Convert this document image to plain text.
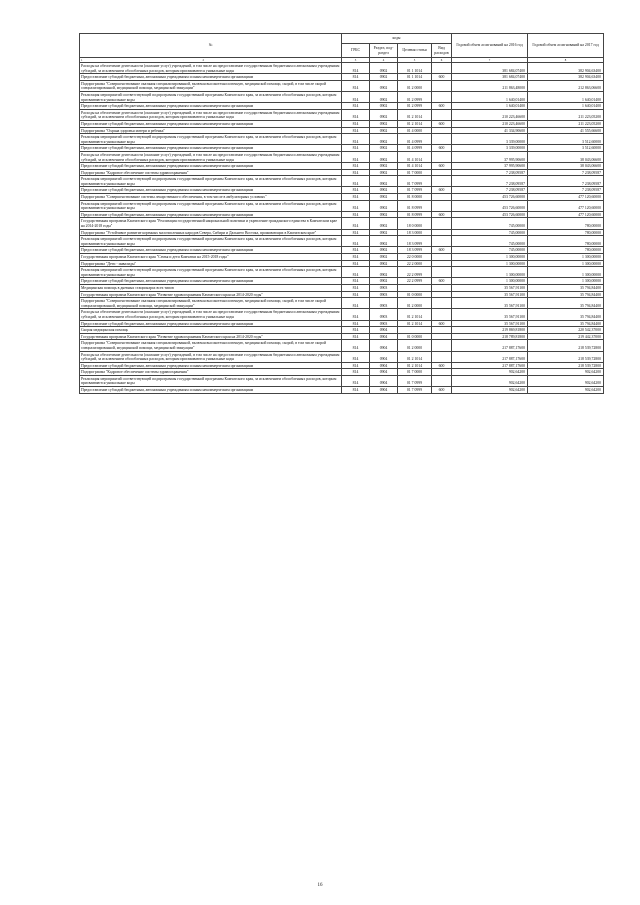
№	коды				Годовой объем ассигнований на 2016 год	Годовой объем ассигнований на 2017 год
	ГРБС	Раздел, под-раздел	Целевая статья	Вид расходов		
1 2	3	4	5	6	7	8
Расходы на обеспечение деятельности (оказание услуг) учреждений, в том числе на предоставление государственным бюджетным и автономным учреждениям субсидий, за исключением обособленных расходов, которым присваиваются уникальные коды	814	0902	01 1 1014		381 684,07400	382 904,63400
Предоставление субсидий бюджетным, автономным учреждениям и иным некоммерческим организациям	814	0902	01 1 1014	600	381 684,07400	382 904,63400
Подпрограмма "Совершенствование оказания специализированной, включая высокотехнологичную, медицинской помощи, скорой, в том числе скорой специализированной, медицинской помощи, медицинской эвакуации"	814	0902	01 2 0000		211 863,48000	212 863,06600
Реализация мероприятий соответствующей подпрограммы государственной программы Камчатского края, за исключением обособленных расходов, которым присваиваются уникальные коды	814	0902	01 2 0999		1 640,01400	1 640,01400
Предоставление субсидий бюджетным, автономным учреждениям и иным некоммерческим организациям	814	0902	01 2 0999	600	1 640,01400	1 640,01400
Расходы на обеспечение деятельности (оказание услуг) учреждений, в том числе на предоставление государственным бюджетным и автономным учреждениям субсидий, за исключением обособленных расходов, которым присваиваются уникальные коды	814	0902	01 2 1014		210 223,46600	211 223,05200
Предоставление субсидий бюджетным, автономным учреждениям и иным некоммерческим организациям	814	0902	01 2 1014	600	210 223,46600	211 223,05200
Подпрограмма "Охрана здоровья матери и ребенка"	814	0902	01 4 0000		41 334,90600	41 555,66600
Реализация мероприятий соответствующей подпрограммы государственной программы Камчатского края, за исключением обособленных расходов, которым присваиваются уникальные коды	814	0902	01 4 0999		3 339,00000	3 512,60000
Предоставление субсидий бюджетным, автономным учреждениям и иным некоммерческим организациям	814	0902	01 4 0999	600	3 339,00000	3 512,60000
Расходы на обеспечение деятельности (оказание услуг) учреждений, в том числе на предоставление государственным бюджетным и автономным учреждениям субсидий, за исключением обособленных расходов, которым присваиваются уникальные коды	814	0902	01 4 1014		37 995,90600	38 043,06600
Предоставление субсидий бюджетным, автономным учреждениям и иным некоммерческим организациям	814	0902	01 4 1014	600	37 995,90600	38 043,06600
Подпрограмма "Кадровое обеспечение системы здравоохранения"	814	0902	01 7 0000		7 238,09587	7 238,09587
Реализация мероприятий соответствующей подпрограммы государственной программы Камчатского края, за исключением обособленных расходов, которым присваиваются уникальные коды	814	0902	01 7 0999		7 238,09587	7 238,09587
Предоставление субсидий бюджетным, автономным учреждениям и иным некоммерческим организациям	814	0902	01 7 0999	600	7 238,09587	7 238,09587
Подпрограмма "Совершенствование системы лекарственного обеспечения, в том числе в амбулаторных условиях"	814	0902	01 8 0000		453 726,60000	477 120,60000
Реализация мероприятий соответствующей подпрограммы государственной программы Камчатского края, за исключением обособленных расходов, которым присваиваются уникальные коды	814	0902	01 8 0999		453 726,60000	477 120,60000
Предоставление субсидий бюджетным, автономным учреждениям и иным некоммерческим организациям	814	0902	01 8 0999	600	453 726,60000	477 120,60000
Государственная программа Камчатского края "Реализация государственной национальной политики и укрепление гражданского единства в Камчатском крае на 2014-2018 годы"	814	0902	18 0 0000		745,00000	780,00000
Подпрограмма "Устойчивое развитие коренных малочисленных народов Севера, Сибири и Дальнего Востока, проживающих в Камчатском крае"	814	0902	18 3 0000		745,00000	780,00000
Реализация мероприятий соответствующей подпрограммы государственной программы Камчатского края, за исключением обособленных расходов, которым присваиваются уникальные коды	814	0902	18 3 0999		745,00000	780,00000
Предоставление субсидий бюджетным, автономным учреждениям и иным некоммерческим организациям	814	0902	18 3 0999	600	745,00000	780,00000
Государственная программа Камчатского края "Семья и дети Камчатки на 2015-2018 годы"	814	0902	22 0 0000		1 300,00000	1 300,00000
Подпрограмма "Дети - инвалиды"	814	0902	22 2 0000		1 300,00000	1 300,00000
Реализация мероприятий соответствующей подпрограммы государственной программы Камчатского края, за исключением обособленных расходов, которым присваиваются уникальные коды	814	0902	22 2 0999		1 300,00000	1 300,00000
Предоставление субсидий бюджетным, автономным учреждениям и иным некоммерческим организациям	814	0902	22 2 0999	600	1 300,00000	1 300,00000
Медицинская помощь в дневных стационарах всех типов	814	0903			35 567,91100	35 794,84400
Государственная программа Камчатского края "Развитие здравоохранения Камчатского края на 2014-2020 годы"	814	0903	01 0 0000		35 567,91100	35 794,84400
Подпрограмма "Совершенствование оказания специализированной, включая высокотехнологичную, медицинской помощи, скорой, в том числе скорой специализированной, медицинской помощи, медицинской эвакуации"	814	0903	01 2 0000		35 567,91100	35 794,84400
Расходы на обеспечение деятельности (оказание услуг) учреждений, в том числе на предоставление государственным бюджетным и автономным учреждениям субсидий, за исключением обособленных расходов, которым присваиваются уникальные коды	814	0903	01 2 1014		35 567,91100	35 794,84400
Предоставление субсидий бюджетным, автономным учреждениям и иным некоммерческим организациям	814	0903	01 2 1014	600	35 567,91100	35 794,84400
Скорая медицинская помощь	814	0904			219 869,81800	220 542,37000
Государственная программа Камчатского края "Развитие здравоохранения Камчатского края на 2014-2020 годы"	814	0904	01 0 0000		218 789,81800	219 442,37000
Подпрограмма "Совершенствование оказания специализированной, включая высокотехнологичную, медицинской помощи, скорой, в том числе скорой специализированной, медицинской помощи, медицинской эвакуации"	814	0904	01 2 0000		217 887,17600	218 539,72800
Расходы на обеспечение деятельности (оказание услуг) учреждений, в том числе на предоставление государственным бюджетным и автономным учреждениям субсидий, за исключением обособленных расходов, которым присваиваются уникальные коды	814	0904	01 2 1014		217 887,17600	218 539,72800
Предоставление субсидий бюджетным, автономным учреждениям и иным некоммерческим организациям	814	0904	01 2 1014	600	217 887,17600	218 539,72800
Подпрограмма "Кадровое обеспечение системы здравоохранения"	814	0904	01 7 0000		902,64200	902,64200
Реализация мероприятий соответствующей подпрограммы государственной программы Камчатского края, за исключением обособленных расходов, которым присваиваются уникальные коды	814	0904	01 7 0999		902,64200	902,64200
Предоставление субсидий бюджетным, автономным учреждениям и иным некоммерческим организациям	814	0904	01 7 0999	600	902,64200	902,64200
16
